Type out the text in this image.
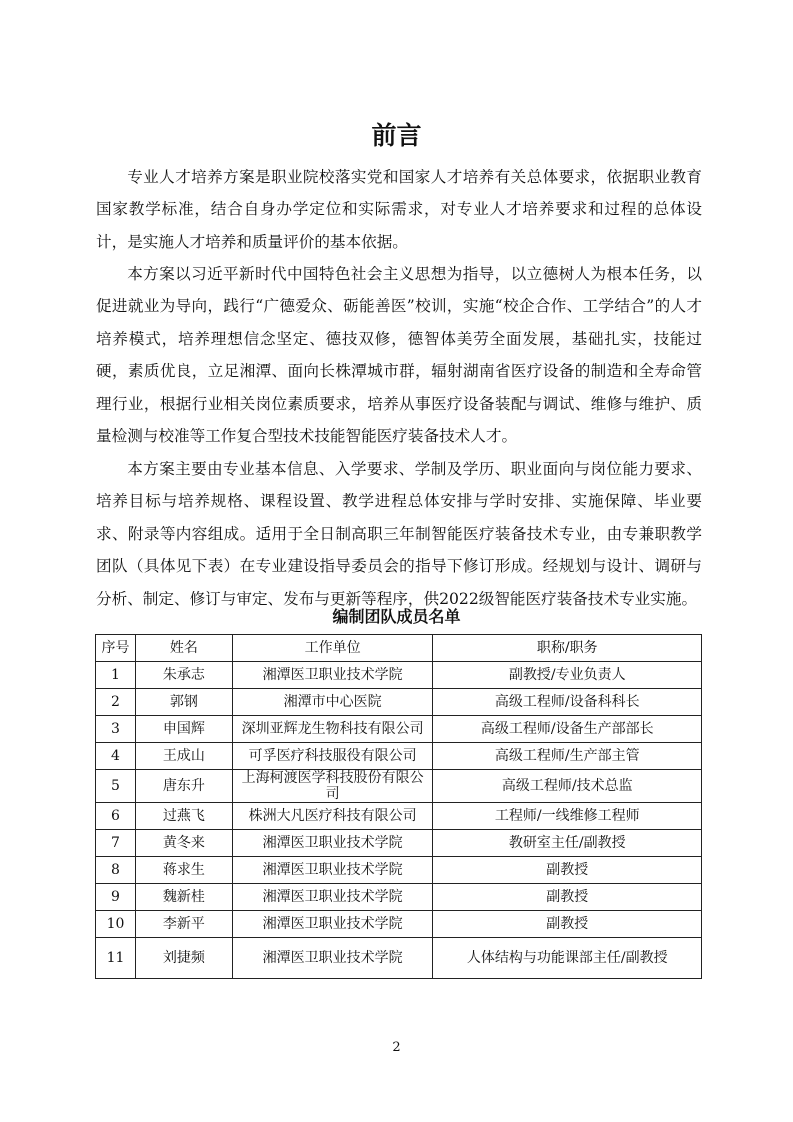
前言

专业人才培养方案是职业院校落实党和国家人才培养有关总体要求，依据职业教育国家教学标准，结合自身办学定位和实际需求，对专业人才培养要求和过程的总体设计，是实施人才培养和质量评价的基本依据。

本方案以习近平新时代中国特色社会主义思想为指导，以立德树人为根本任务，以促进就业为导向，践行“广德爱众、砺能善医”校训，实施“校企合作、工学结合”的人才培养模式，培养理想信念坚定、德技双修，德智体美劳全面发展，基础扎实，技能过硬，素质优良，立足湘潭、面向长株潭城市群，辐射湖南省医疗设备的制造和全寿命管理行业，根据行业相关岗位素质要求，培养从事医疗设备装配与调试、维修与维护、质量检测与校准等工作复合型技术技能智能医疗装备技术人才。

本方案主要由专业基本信息、入学要求、学制及学历、职业面向与岗位能力要求、培养目标与培养规格、课程设置、教学进程总体安排与学时安排、实施保障、毕业要求、附录等内容组成。适用于全日制高职三年制智能医疗装备技术专业，由专兼职教学团队（具体见下表）在专业建设指导委员会的指导下修订形成。经规划与设计、调研与分析、制定、修订与审定、发布与更新等程序，供2022级智能医疗装备技术专业实施。

编制团队成员名单
序号	姓名	工作单位	职称/职务
1	朱承志	湘潭医卫职业技术学院	副教授/专业负责人
2	郭钢	湘潭市中心医院	高级工程师/设备科科长
3	申国辉	深圳亚辉龙生物科技有限公司	高级工程师/设备生产部部长
4	王成山	可孚医疗科技服役有限公司	高级工程师/生产部主管
5	唐东升	上海柯渡医学科技股份有限公司	高级工程师/技术总监
6	过燕飞	株洲大凡医疗科技有限公司	工程师/一线维修工程师
7	黄冬来	湘潭医卫职业技术学院	教研室主任/副教授
8	蒋求生	湘潭医卫职业技术学院	副教授
9	魏新桂	湘潭医卫职业技术学院	副教授
10	李新平	湘潭医卫职业技术学院	副教授
11	刘捷频	湘潭医卫职业技术学院	人体结构与功能课部主任/副教授
2
